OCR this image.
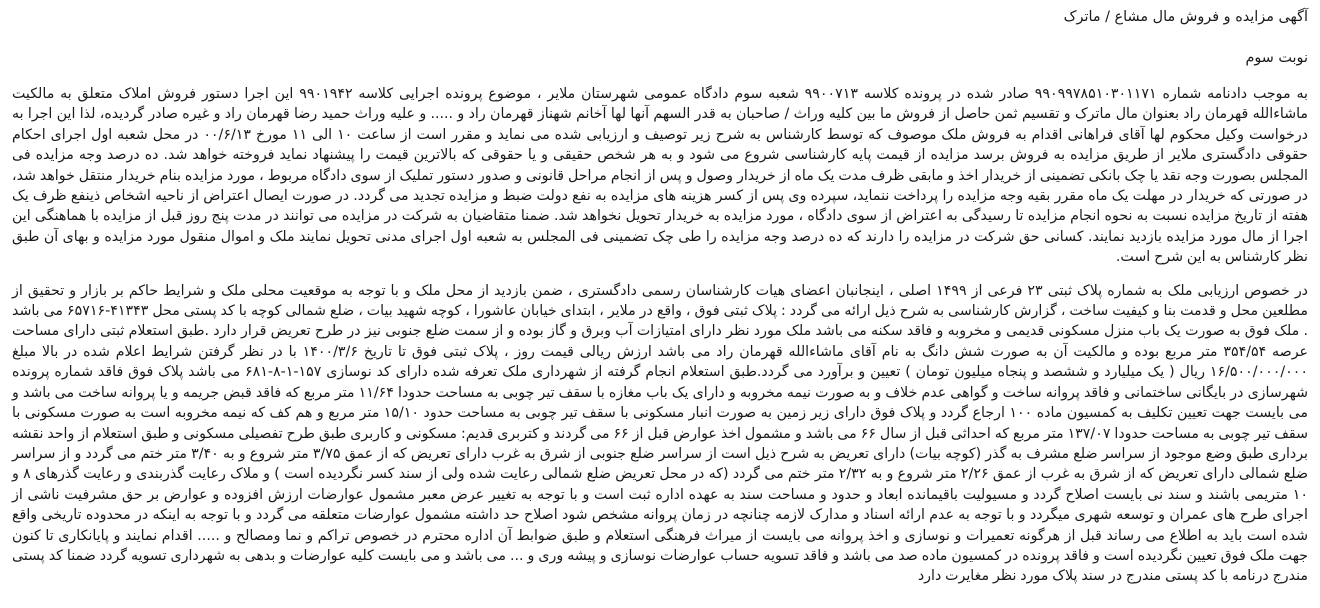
آگهی مزایده و فروش مال مشاع / ماترک
نوبت سوم

به موجب دادنامه شماره ۹۹۰۹۹۷۸۵۱۰۳۰۱۱۷۱ صادر شده در پرونده کلاسه ۹۹۰۰۷۱۳ شعبه سوم دادگاه عمومی شهرستان ملایر ، موضوع پرونده اجرایی کلاسه ۹۹۰۱۹۴۲ این اجرا دستور فروش املاک متعلق به مالکیت ماشاءالله قهرمان راد بعنوان مال ماترک و تقسیم ثمن حاصل از فروش ما بین کلیه وراث / صاحبان به قدر السهم آنها لها آخانم شهناز قهرمان راد و ..... و علیه وراث حمید رضا قهرمان راد و غیره صادر گردیده، لذا این اجرا به درخواست وکیل محکوم لها آقای فراهانی اقدام به فروش ملک موصوف که توسط کارشناس به شرح زیر توصیف و ارزیابی شده می نماید و مقرر است از ساعت ۱۰ الی ۱۱ مورخ ۰۰/۶/۱۳ در محل شعبه اول اجرای احکام حقوقی دادگستری ملایر از طریق مزایده به فروش برسد مزایده از قیمت پایه کارشناسی شروع می شود و به هر شخص حقیقی و یا حقوقی که بالاترین قیمت را پیشنهاد نماید فروخته خواهد شد. ده درصد وجه مزایده فی المجلس بصورت وجه نقد یا چک بانکی تضمینی از خریدار اخذ و مابقی ظرف مدت یک ماه از خریدار وصول و پس از انجام مراحل قانونی و صدور دستور تملیک از سوی دادگاه مربوط ، مورد مزایده بنام خریدار منتقل خواهد شد، در صورتی که خریدار در مهلت یک ماه مقرر بقیه وجه مزایده را پرداخت ننماید، سپرده وی پس از کسر هزینه های مزایده به نفع دولت ضبط و مزایده تجدید می گردد. در صورت ایصال اعتراض از ناحیه اشخاص ذینفع ظرف یک هفته از تاریخ مزایده نسبت به نحوه انجام مزایده تا رسیدگی به اعتراض از سوی دادگاه ، مورد مزایده به خریدار تحویل نخواهد شد. ضمنا متقاضیان به شرکت در مزایده می توانند در مدت پنج روز قبل از مزایده با هماهنگی این اجرا از مال مورد مزایده بازدید نمایند. کسانی حق شرکت در مزایده را دارند که ده درصد وجه مزایده را طی چک تضمینی فی المجلس به شعبه اول اجرای مدنی تحویل نمایند ملک و اموال منقول مورد مزایده و بهای آن طبق نظر کارشناس به این شرح است.

در خصوص ارزیابی ملک به شماره پلاک ثبتی ۲۳ فرعی از ۱۴۹۹ اصلی ، اینجانبان اعضای هیات کارشناسان رسمی دادگستری ، ضمن بازدید از محل ملک و با توجه به موقعیت محلی ملک و شرایط حاکم بر بازار و تحقیق از مطلعین محل و قدمت بنا و کیفیت ساخت ، گزارش کارشناسی به شرح ذیل ارائه می گردد : پلاک ثبتی فوق ، واقع در ملایر ، ابتدای خیابان عاشورا ، کوچه شهید بیات ، ضلع شمالی کوچه با کد پستی محل ۴۱۳۴۳-۶۵۷۱۶ می باشد . ملک فوق به صورت یک باب منزل مسکونی قدیمی و مخروبه و فاقد سکنه می باشد ملک مورد نظر دارای امتیازات آب وبرق و گاز بوده و از سمت ضلع جنوبی نیز در طرح تعریض قرار دارد .طبق استعلام ثبتی دارای مساحت عرصه ۳۵۴/۵۴ متر مربع بوده و مالکیت آن به صورت شش دانگ به نام آقای ماشاءالله قهرمان راد می باشد ارزش ریالی قیمت روز ، پلاک ثبتی فوق تا تاریخ ۱۴۰۰/۳/۶ با در نظر گرفتن شرایط اعلام شده در بالا مبلغ ۱۶/۵۰۰/۰۰۰/۰۰۰ ریال ( یک میلیارد و ششصد و پنجاه میلیون تومان ) تعیین و برآورد می گردد.طبق استعلام انجام گرفته از شهرداری ملک تعرفه شده دارای کد نوسازی ۱۵۷-۱-۸-۶۸۱ می باشد پلاک فوق فاقد شماره پرونده شهرسازی در بایگانی ساختمانی و فاقد پروانه ساخت و گواهی عدم خلاف و به صورت نیمه مخروبه و دارای یک باب مغازه با سقف تیر چوبی به مساحت حدودا ۱۱/۶۴ متر مربع که فاقد قبض جریمه و یا پروانه ساخت می باشد و می بایست جهت تعیین تکلیف به کمسیون ماده ۱۰۰ ارجاع گردد و پلاک فوق دارای زیر زمین به صورت انبار مسکونی با سقف تیر چوبی به مساحت حدود ۱۵/۱۰ متر مربع و هم کف که نیمه مخروبه است به صورت مسکونی با سقف تیر چوبی به مساحت حدودا ۱۳۷/۰۷ متر مربع که احداثی قبل از سال ۶۶ می باشد و مشمول اخذ عوارض قبل از ۶۶ می گردند و کتربری قدیم: مسکونی و کاربری طبق طرح تفصیلی مسکونی و طبق استعلام از واحد نقشه برداری طبق وضع موجود از سراسر ضلع مشرف به گذر (کوچه بیات) دارای تعریض به شرح ذیل است از سراسر ضلع جنوبی از شرق به غرب دارای تعریض که از عمق ۳/۷۵ متر شروع و به ۳/۴۰ متر ختم می گردد و از سراسر ضلع شمالی دارای تعریض که از شرق به غرب از عمق ۲/۲۶ متر شروع و به ۲/۳۲ متر ختم می گردد (که در محل تعریض ضلع شمالی رعایت شده ولی از سند کسر نگردیده است ) و ملاک رعایت گذربندی و رعایت گذرهای ۸ و ۱۰ متریمی باشند و سند نی بایست اصلاح گردد و مسیولیت باقیمانده ابعاد و حدود و مساحت سند به عهده اداره ثبت است و با توجه به تغییر عرض معبر مشمول عوارضات ارزش افزوده و عوارض بر حق مشرفیت ناشی از اجرای طرح های عمران و توسعه شهری میگردد و با توجه به عدم ارائه اسناد و مدارک لازمه چنانچه در زمان پروانه مشخص شود اصلاح حد داشته مشمول عوارضات متعلقه می گردد و با توجه به اینکه در محدوده تاریخی واقع شده است باید به اطلاع می رساند قبل از هرگونه تعمیرات و نوسازی و اخذ پروانه می بایست از میراث فرهنگی استعلام و طبق ضوابط آن اداره محترم در خصوص تراکم و نما ومصالح و ..... اقدام نمایند و پایانکاری تا کنون جهت ملک فوق تعیین نگردیده است و فاقد پرونده در کمسیون ماده صد می باشد و فاقد تسویه حساب عوارضات نوسازی و پیشه وری و ... می باشد و می بایست کلیه عوارضات و بدهی به شهرداری تسویه گردد ضمنا کد پستی مندرج درنامه با کد پستی مندرج در سند پلاک مورد نظر مغایرت دارد
